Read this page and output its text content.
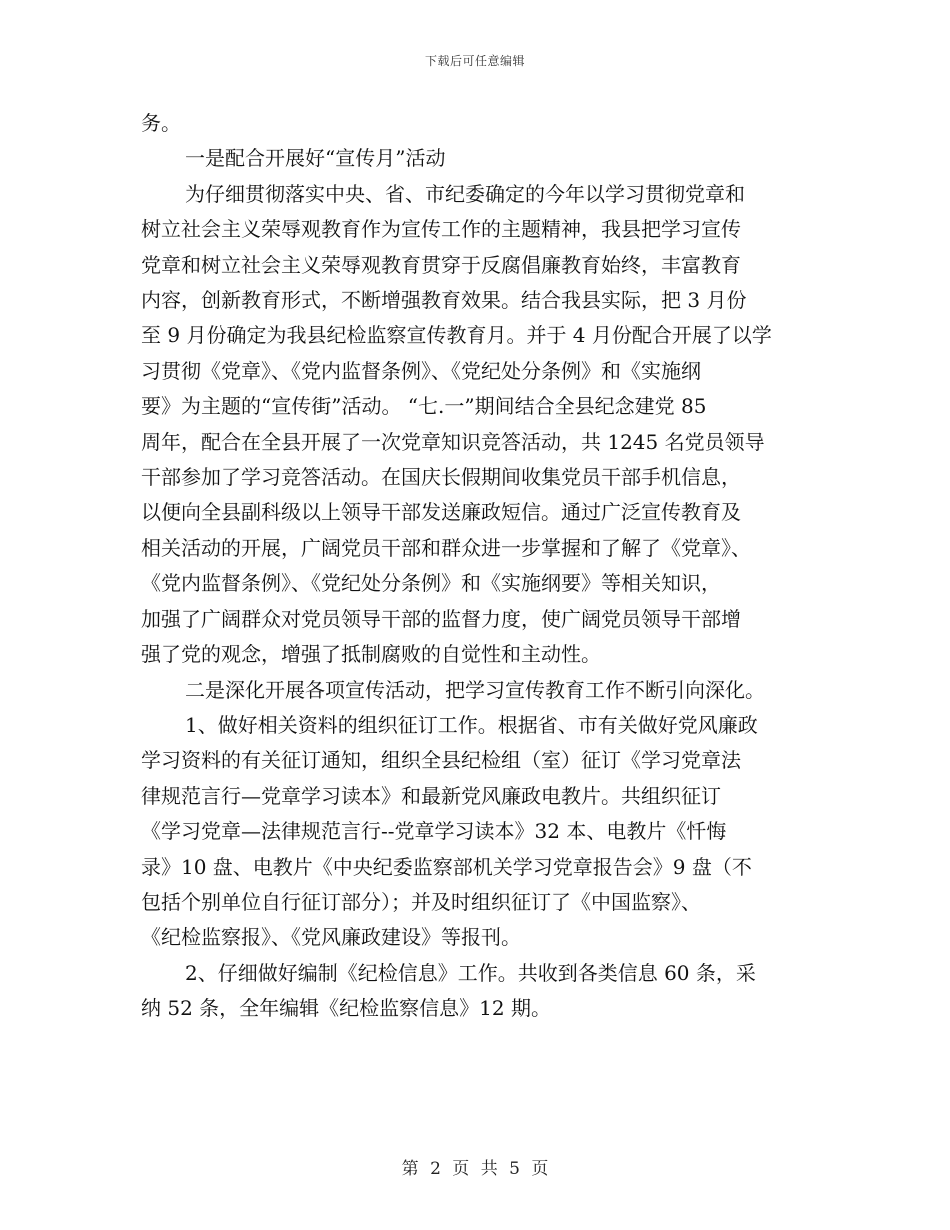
下载后可任意编辑
务。
一是配合开展好“宣传月”活动
为仔细贯彻落实中央、省、市纪委确定的今年以学习贯彻党章和
树立社会主义荣辱观教育作为宣传工作的主题精神，我县把学习宣传
党章和树立社会主义荣辱观教育贯穿于反腐倡廉教育始终，丰富教育
内容，创新教育形式，不断增强教育效果。结合我县实际，把 3 月份
至 9 月份确定为我县纪检监察宣传教育月。并于 4 月份配合开展了以学
习贯彻《党章》、《党内监督条例》、《党纪处分条例》和《实施纲
要》为主题的“宣传街”活动。 “七.一”期间结合全县纪念建党 85
周年，配合在全县开展了一次党章知识竞答活动，共 1245 名党员领导
干部参加了学习竞答活动。在国庆长假期间收集党员干部手机信息，
以便向全县副科级以上领导干部发送廉政短信。通过广泛宣传教育及
相关活动的开展，广阔党员干部和群众进一步掌握和了解了《党章》、
《党内监督条例》、《党纪处分条例》和《实施纲要》等相关知识，
加强了广阔群众对党员领导干部的监督力度，使广阔党员领导干部增
强了党的观念，增强了抵制腐败的自觉性和主动性。
二是深化开展各项宣传活动，把学习宣传教育工作不断引向深化。
1、做好相关资料的组织征订工作。根据省、市有关做好党风廉政
学习资料的有关征订通知，组织全县纪检组（室）征订《学习党章法
律规范言行—党章学习读本》和最新党风廉政电教片。共组织征订
《学习党章—法律规范言行--党章学习读本》32 本、电教片《忏悔
录》10 盘、电教片《中央纪委监察部机关学习党章报告会》9 盘（不
包括个别单位自行征订部分）；并及时组织征订了《中国监察》、
《纪检监察报》、《党风廉政建设》等报刊。
2、仔细做好编制《纪检信息》工作。共收到各类信息 60 条，采
纳 52 条，全年编辑《纪检监察信息》12 期。
第 2 页 共 5 页
